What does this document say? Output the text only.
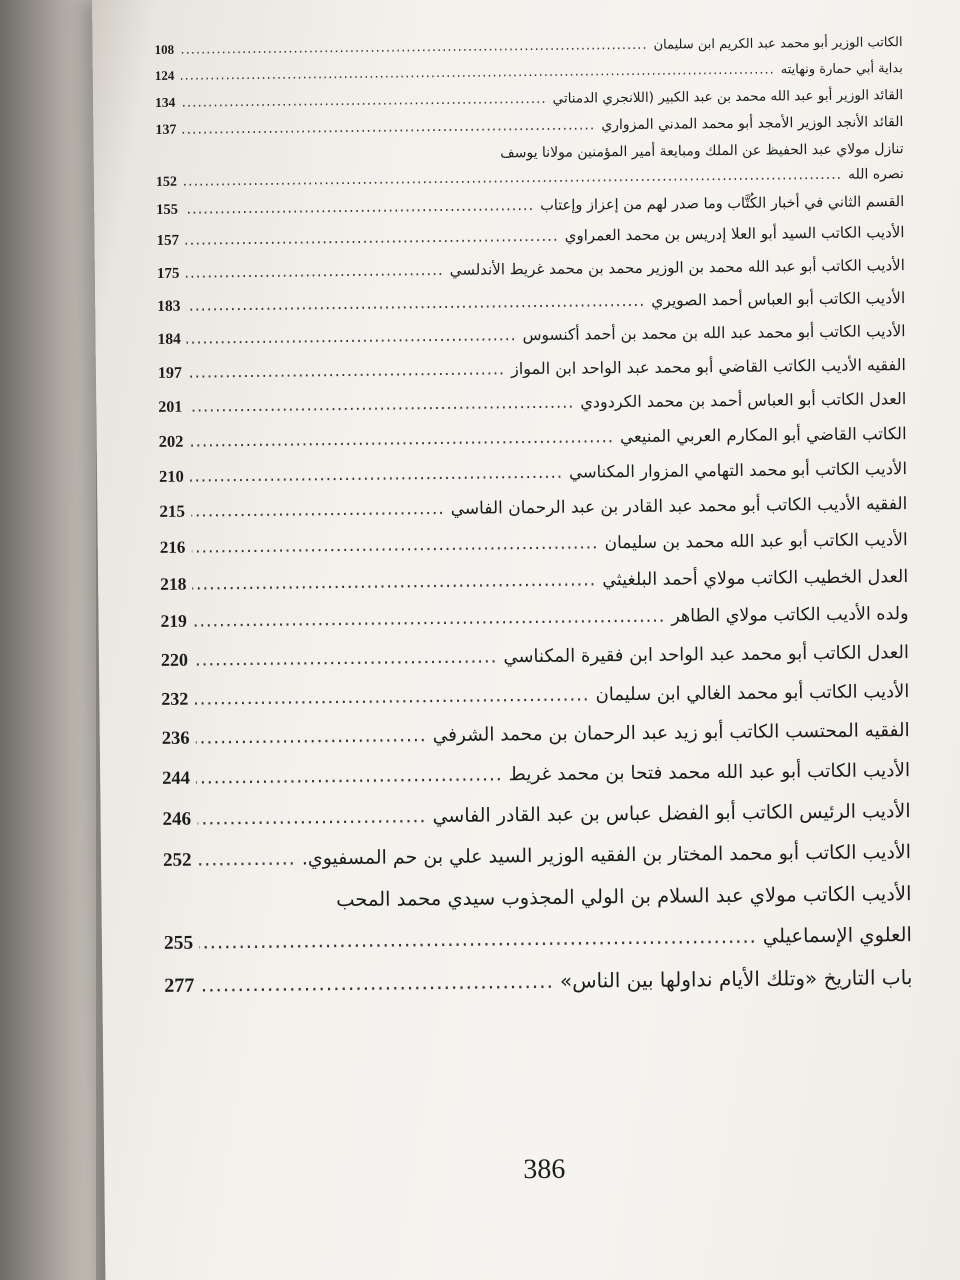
الكاتب الوزير أبو محمد عبد الكريم ابن سليمان
.....
108
بداية أبي حمارة ونهايته
.....
124
القائد الوزير أبو عبد الله محمد بن عبد الكبير (اللانجري الدمناتي
.....
134
القائد الأنجد الوزير الأمجد أبو محمد المدني المزواري
.....
137
تنازل مولاي عبد الحفيظ عن الملك ومبايعة أمير المؤمنين مولانا يوسف
نصره الله
.....
152
القسم الثاني في أخبار الكُتَّاب وما صدر لهم من إعزاز وإعتاب
.....
155
الأديب الكاتب السيد أبو العلا إدريس بن محمد العمراوي
.....
157
الأديب الكاتب أبو عبد الله محمد بن الوزير محمد بن محمد غريط الأندلسي
.....
175
الأديب الكاتب أبو العباس أحمد الصويري
.....
183
الأديب الكاتب أبو محمد عبد الله بن محمد بن أحمد أكنسوس
.....
184
الفقيه الأديب الكاتب القاضي أبو محمد عبد الواحد ابن المواز
.....
197
العدل الكاتب أبو العباس أحمد بن محمد الكردودي
.....
201
الكاتب القاضي أبو المكارم العربي المنيعي
.....
202
الأديب الكاتب أبو محمد التهامي المزوار المكناسي
.....
210
الفقيه الأديب الكاتب أبو محمد عبد القادر بن عبد الرحمان الفاسي
.....
215
الأديب الكاتب أبو عبد الله محمد بن سليمان
.....
216
العدل الخطيب الكاتب مولاي أحمد البلغيثي
.....
218
ولده الأديب الكاتب مولاي الطاهر
.....
219
العدل الكاتب أبو محمد عبد الواحد ابن فقيرة المكناسي
.....
220
الأديب الكاتب أبو محمد الغالي ابن سليمان
.....
232
الفقيه المحتسب الكاتب أبو زيد عبد الرحمان بن محمد الشرفي
.....
236
الأديب الكاتب أبو عبد الله محمد فتحا بن محمد غريط
.....
244
الأديب الرئيس الكاتب أبو الفضل عباس بن عبد القادر الفاسي
.....
246
الأديب الكاتب أبو محمد المختار بن الفقيه الوزير السيد علي بن حم المسفيوي.
.....
252
الأديب الكاتب مولاي عبد السلام بن الولي المجذوب سيدي محمد المحب
العلوي الإسماعيلي
.....
255
باب التاريخ «وتلك الأيام نداولها بين الناس»
.....
277
386
